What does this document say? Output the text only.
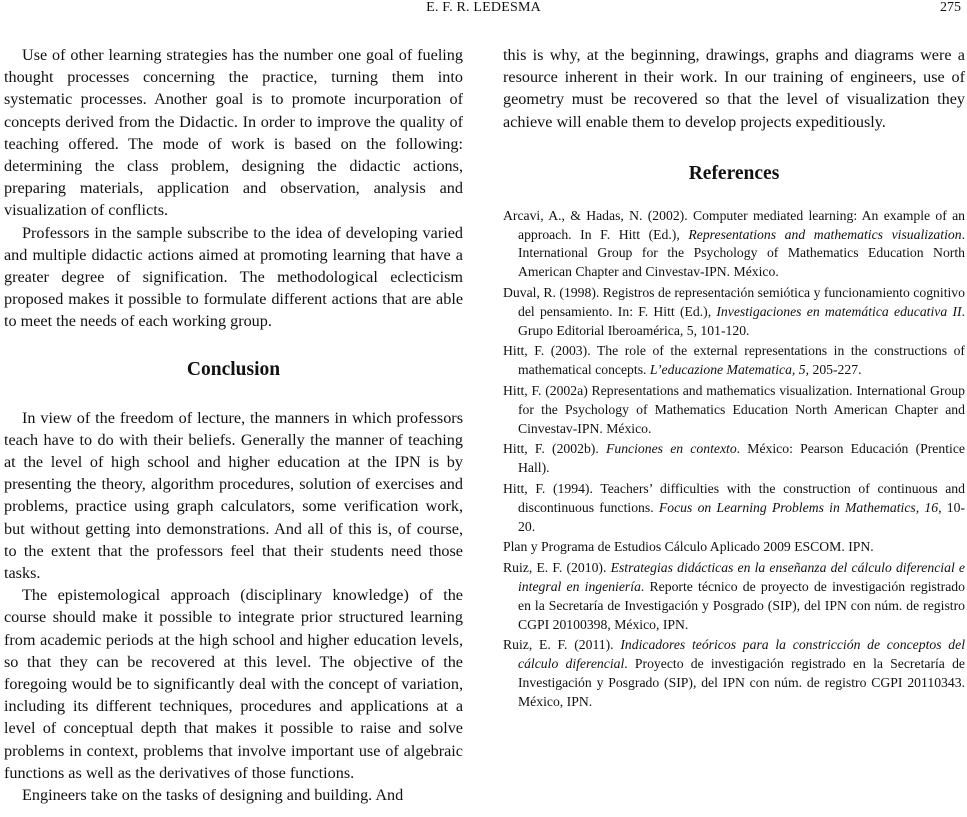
E. F. R. LEDESMA	275

Use of other learning strategies has the number one goal of fueling thought processes concerning the practice, turning them into systematic processes. Another goal is to promote incurporation of concepts derived from the Didactic. In order to improve the quality of teaching offered. The mode of work is based on the following: determining the class problem, designing the didactic actions, preparing materials, application and observation, analysis and visualization of conflicts.

Professors in the sample subscribe to the idea of developing varied and multiple didactic actions aimed at promoting learning that have a greater degree of signification. The methodological eclecticism proposed makes it possible to formulate different actions that are able to meet the needs of each working group.

Conclusion

In view of the freedom of lecture, the manners in which professors teach have to do with their beliefs. Generally the manner of teaching at the level of high school and higher education at the IPN is by presenting the theory, algorithm procedures, solution of exercises and problems, practice using graph calculators, some verification work, but without getting into demonstrations. And all of this is, of course, to the extent that the professors feel that their students need those tasks.

The epistemological approach (disciplinary knowledge) of the course should make it possible to integrate prior structured learning from academic periods at the high school and higher education levels, so that they can be recovered at this level. The objective of the foregoing would be to significantly deal with the concept of variation, including its different techniques, procedures and applications at a level of conceptual depth that makes it possible to raise and solve problems in context, problems that involve important use of algebraic functions as well as the derivatives of those functions.

Engineers take on the tasks of designing and building. And

this is why, at the beginning, drawings, graphs and diagrams were a resource inherent in their work. In our training of engineers, use of geometry must be recovered so that the level of visualization they achieve will enable them to develop projects expeditiously.

References
Arcavi, A., & Hadas, N. (2002). Computer mediated learning: An example of an approach. In F. Hitt (Ed.), Representations and mathematics visualization. International Group for the Psychology of Mathematics Education North American Chapter and Cinvestav-IPN. México.
Duval, R. (1998). Registros de representación semiótica y funcionamiento cognitivo del pensamiento. In: F. Hitt (Ed.), Investigaciones en matemática educativa II. Grupo Editorial Iberoamérica, 5, 101-120.
Hitt, F. (2003). The role of the external representations in the constructions of mathematical concepts. L’educazione Matematica, 5, 205-227.
Hitt, F. (2002a) Representations and mathematics visualization. International Group for the Psychology of Mathematics Education North American Chapter and Cinvestav-IPN. México.
Hitt, F. (2002b). Funciones en contexto. México: Pearson Educación (Prentice Hall).
Hitt, F. (1994). Teachers’ difficulties with the construction of continuous and discontinuous functions. Focus on Learning Problems in Mathematics, 16, 10-20.
Plan y Programa de Estudios Cálculo Aplicado 2009 ESCOM. IPN.
Ruiz, E. F. (2010). Estrategias didácticas en la enseñanza del cálculo diferencial e integral en ingeniería. Reporte técnico de proyecto de investigación registrado en la Secretaría de Investigación y Posgrado (SIP), del IPN con núm. de registro CGPI 20100398, México, IPN.
Ruiz, E. F. (2011). Indicadores teóricos para la constricción de conceptos del cálculo diferencial. Proyecto de investigación registrado en la Secretaría de Investigación y Posgrado (SIP), del IPN con núm. de registro CGPI 20110343. México, IPN.
